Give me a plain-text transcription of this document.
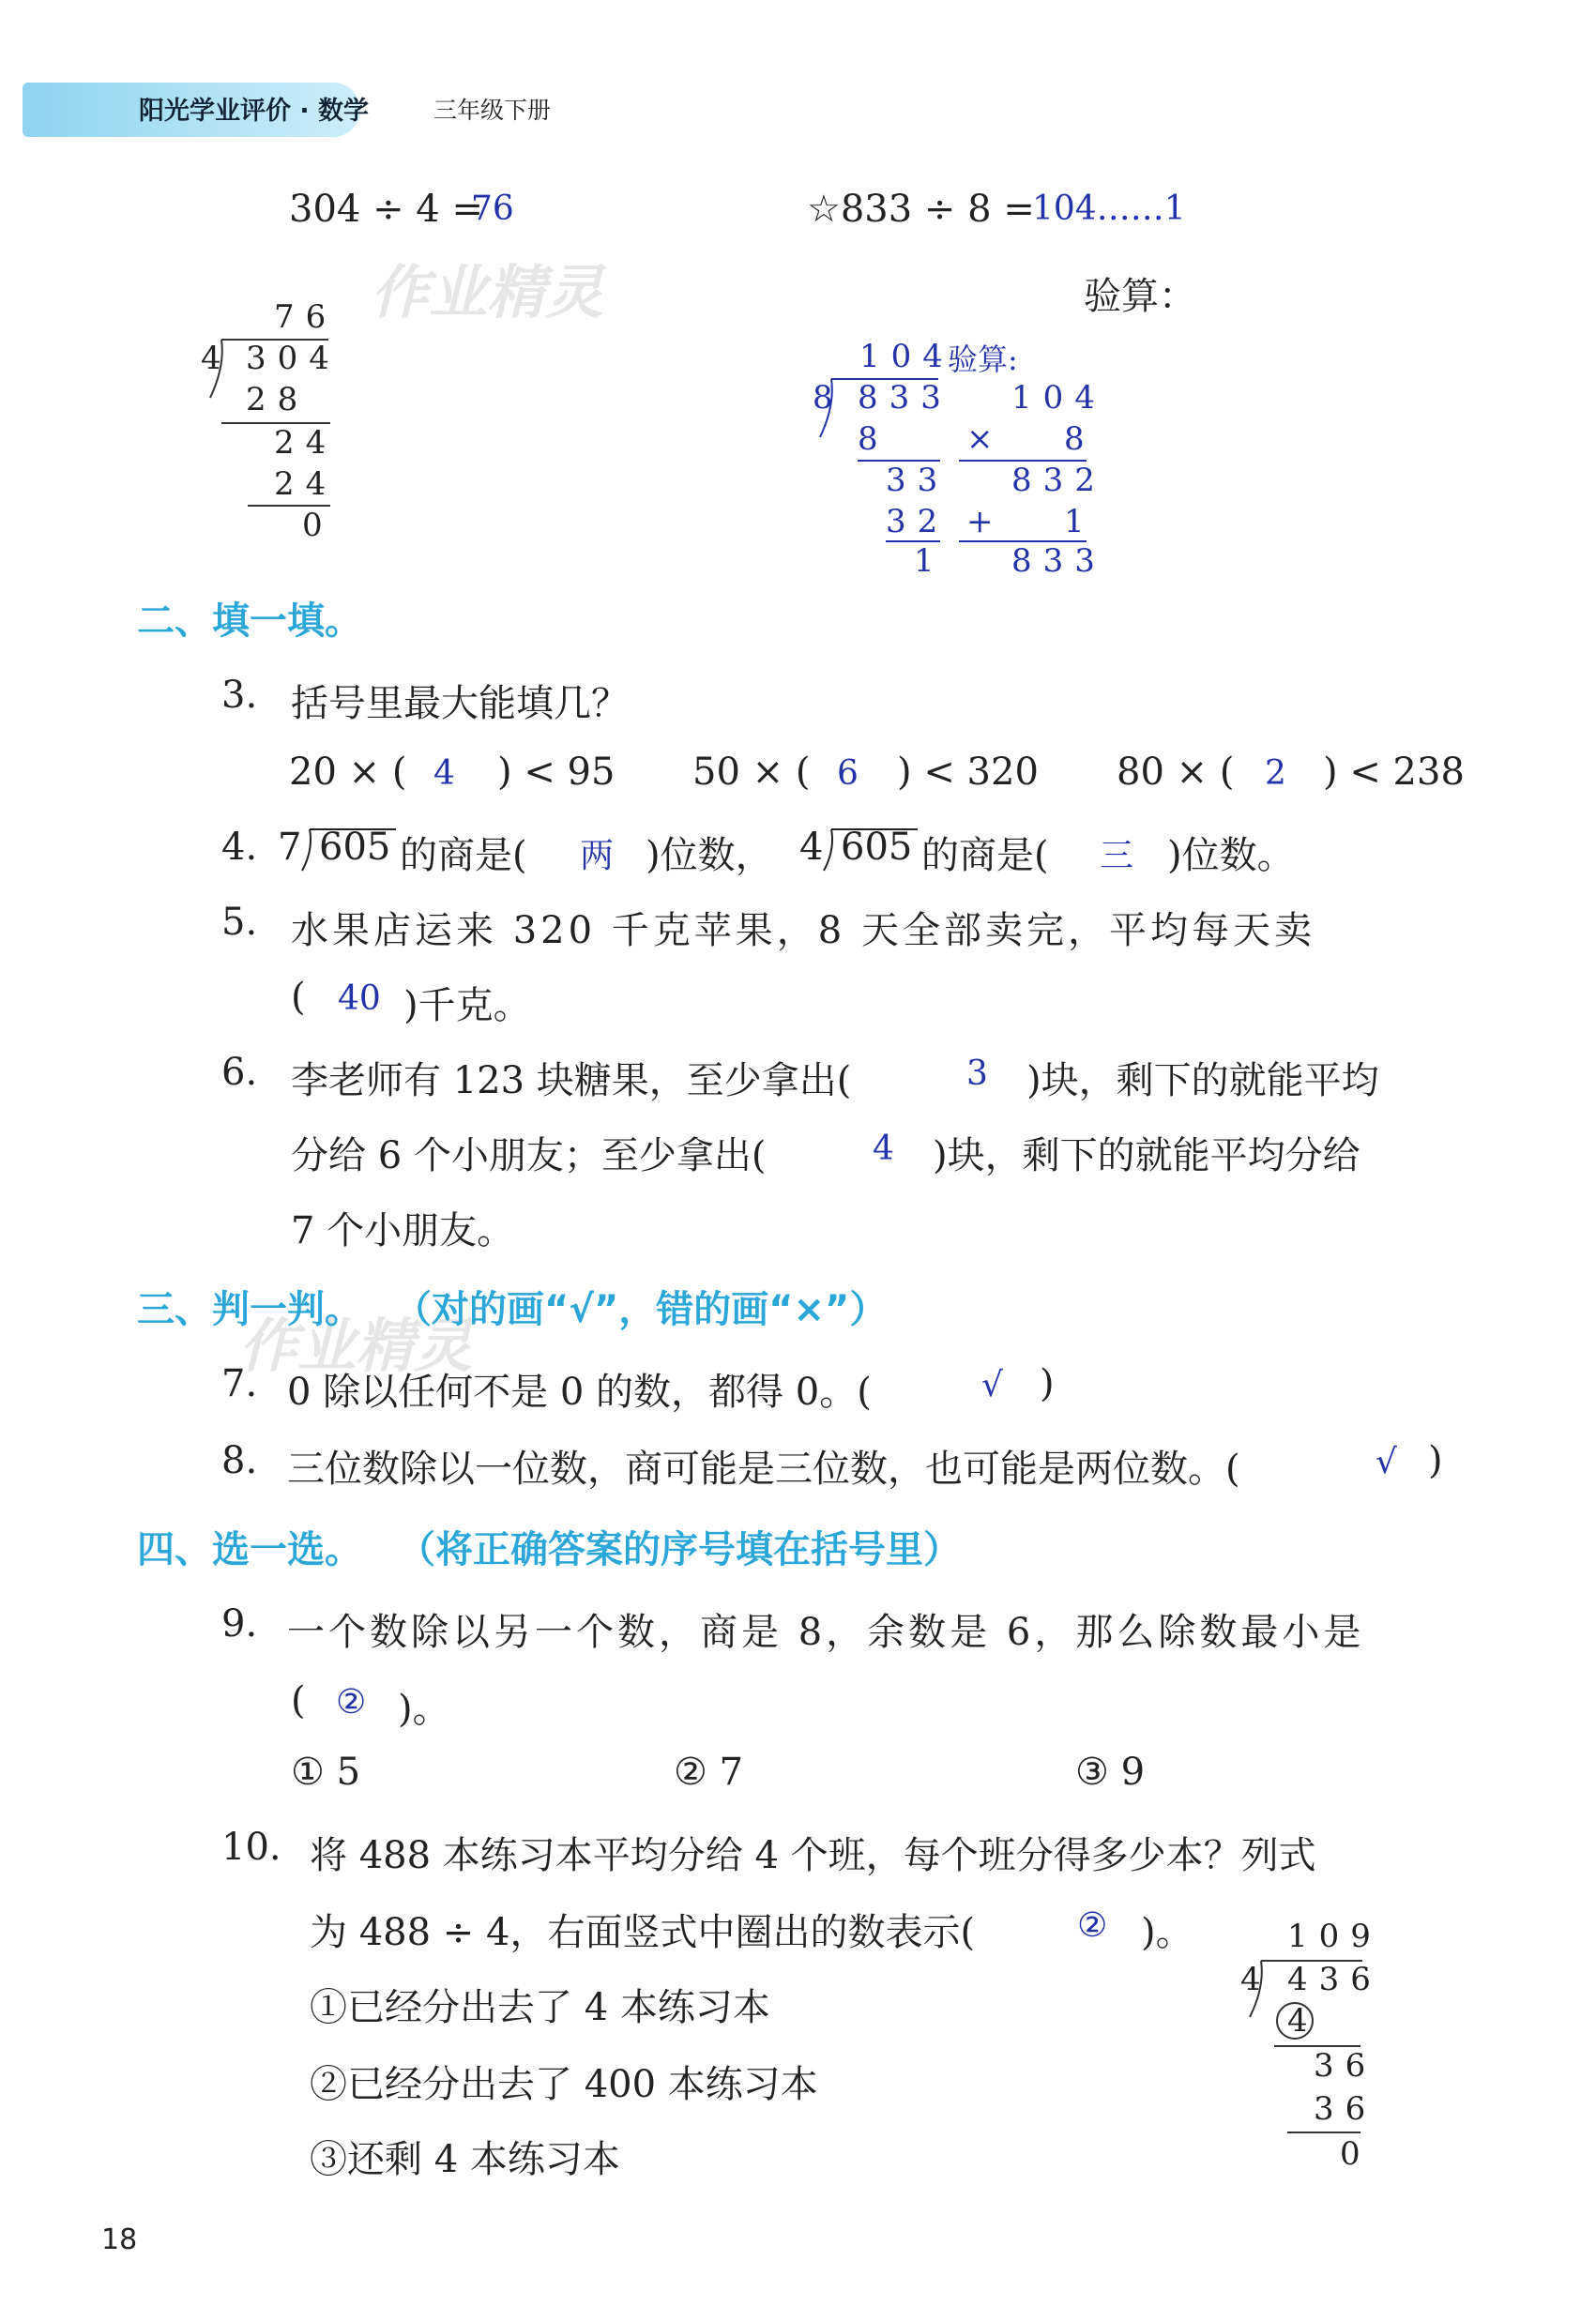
阳光学业评价 · 数学	三年级下册
作业精灵
作业精灵
304 ÷ 4 =
76
76
4 304
28
24
24
0
☆833 ÷ 8 =
104……1
验算：
104
验算:
8 833
8
33
32
1
104
× 8
832
+ 1
833
二、填一填。
3. 括号里最大能填几？
20 × ( 4 ) < 95 50 × ( 6 ) < 320 80 × ( 2 ) < 238
4. 7 605 的商是( 两 )位数， 4 605 的商是( 三 )位数。
5. 水果店运来 320 千克苹果，8 天全部卖完，平均每天卖
( 40 )千克。
6. 李老师有 123 块糖果，至少拿出(	3 )块，剩下的就能平均
分给 6 个小朋友；至少拿出(	4 )块，剩下的就能平均分给
7 个小朋友。
三、判一判。 （对的画“√”，错的画“×”）
7. 0 除以任何不是 0 的数，都得 0。(	√ )
8. 三位数除以一位数，商可能是三位数，也可能是两位数。(	√ )
四、选一选。 （将正确答案的序号填在括号里）
9. 一个数除以另一个数，商是 8，余数是 6，那么除数最小是
( ② )。
① 5	② 7	③ 9
10. 将 488 本练习本平均分给 4 个班，每个班分得多少本？列式
为 488 ÷ 4，右面竖式中圈出的数表示(	② )。
①已经分出去了 4 本练习本
②已经分出去了 400 本练习本
③还剩 4 本练习本
109
4 436
4
36
36
0
18
